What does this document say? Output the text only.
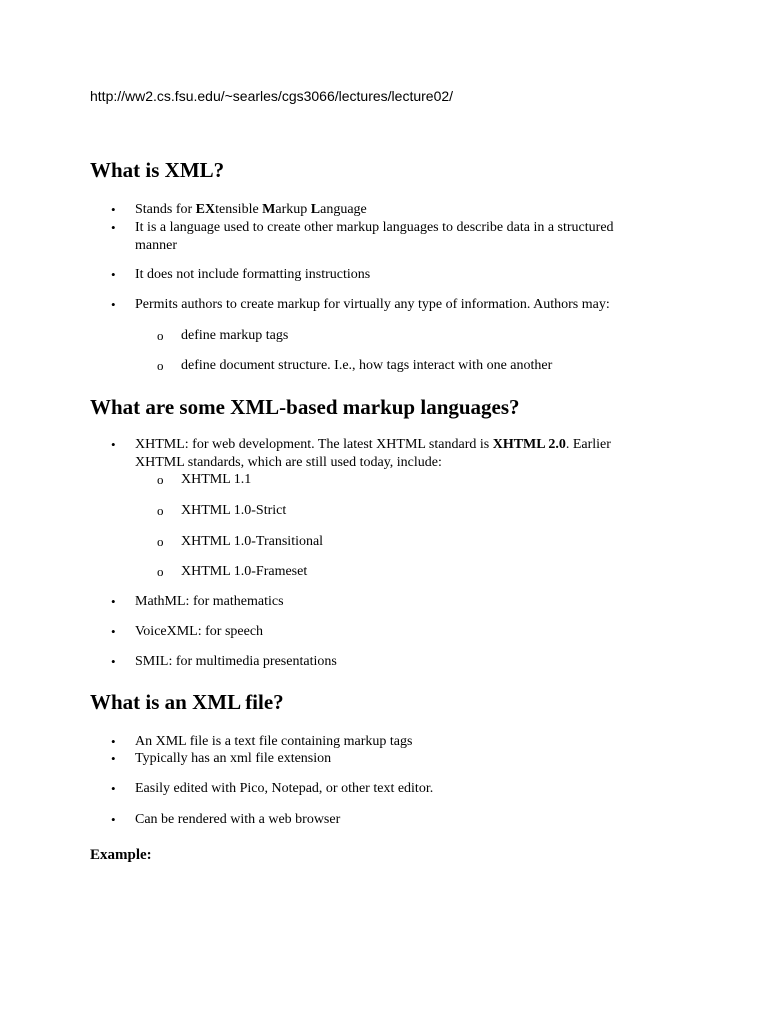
http://ww2.cs.fsu.edu/~searles/cgs3066/lectures/lecture02/
What is XML?
• Stands for EXtensible Markup Language
• It is a language used to create other markup languages to describe data in a structured
manner
• It does not include formatting instructions
• Permits authors to create markup for virtually any type of information. Authors may:
o define markup tags
o define document structure. I.e., how tags interact with one another
What are some XML-based markup languages?
• XHTML: for web development. The latest XHTML standard is XHTML 2.0. Earlier
XHTML standards, which are still used today, include:
o XHTML 1.1
o XHTML 1.0-Strict
o XHTML 1.0-Transitional
o XHTML 1.0-Frameset
• MathML: for mathematics
• VoiceXML: for speech
• SMIL: for multimedia presentations
What is an XML file?
• An XML file is a text file containing markup tags
• Typically has an xml file extension
• Easily edited with Pico, Notepad, or other text editor.
• Can be rendered with a web browser
Example:
